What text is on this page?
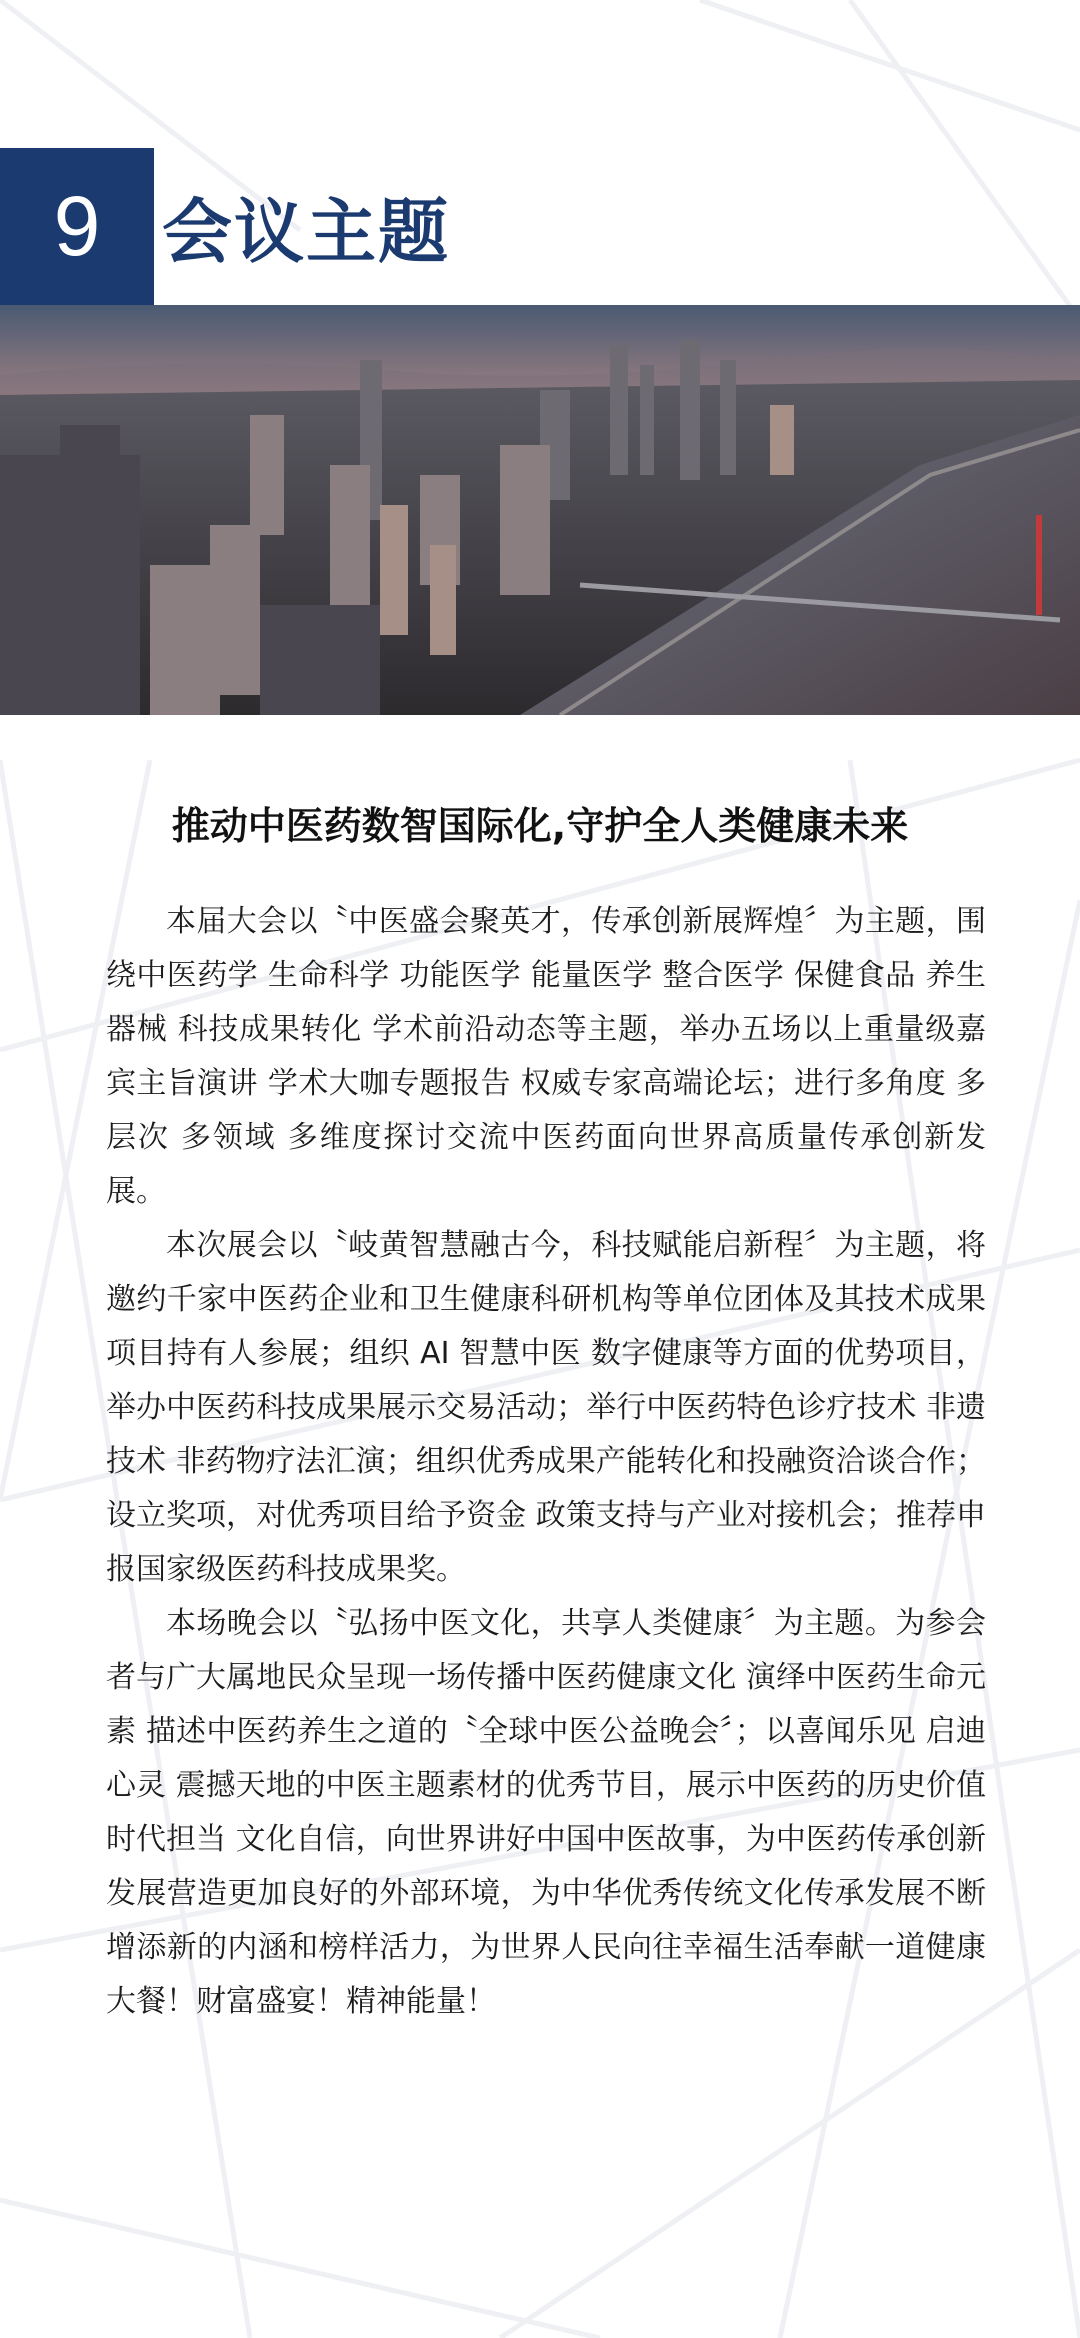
9 会议主题
推动中医药数智国际化,守护全人类健康未来

本届大会以〝中医盛会聚英才，传承创新展辉煌〞为主题，围绕中医药学 生命科学 功能医学 能量医学 整合医学 保健食品 养生器械 科技成果转化 学术前沿动态等主题，举办五场以上重量级嘉宾主旨演讲 学术大咖专题报告 权威专家高端论坛；进行多角度 多层次 多领域 多维度探讨交流中医药面向世界高质量传承创新发展。

本次展会以〝岐黄智慧融古今，科技赋能启新程〞为主题，将邀约千家中医药企业和卫生健康科研机构等单位团体及其技术成果项目持有人参展；组织 AI 智慧中医 数字健康等方面的优势项目，举办中医药科技成果展示交易活动；举行中医药特色诊疗技术 非遗技术 非药物疗法汇演；组织优秀成果产能转化和投融资洽谈合作；设立奖项，对优秀项目给予资金 政策支持与产业对接机会；推荐申报国家级医药科技成果奖。

本场晚会以〝弘扬中医文化，共享人类健康〞为主题。为参会者与广大属地民众呈现一场传播中医药健康文化 演绎中医药生命元素 描述中医药养生之道的〝全球中医公益晚会〞；以喜闻乐见 启迪心灵 震撼天地的中医主题素材的优秀节目，展示中医药的历史价值 时代担当 文化自信，向世界讲好中国中医故事，为中医药传承创新发展营造更加良好的外部环境，为中华优秀传统文化传承发展不断增添新的内涵和榜样活力，为世界人民向往幸福生活奉献一道健康大餐！财富盛宴！精神能量！
